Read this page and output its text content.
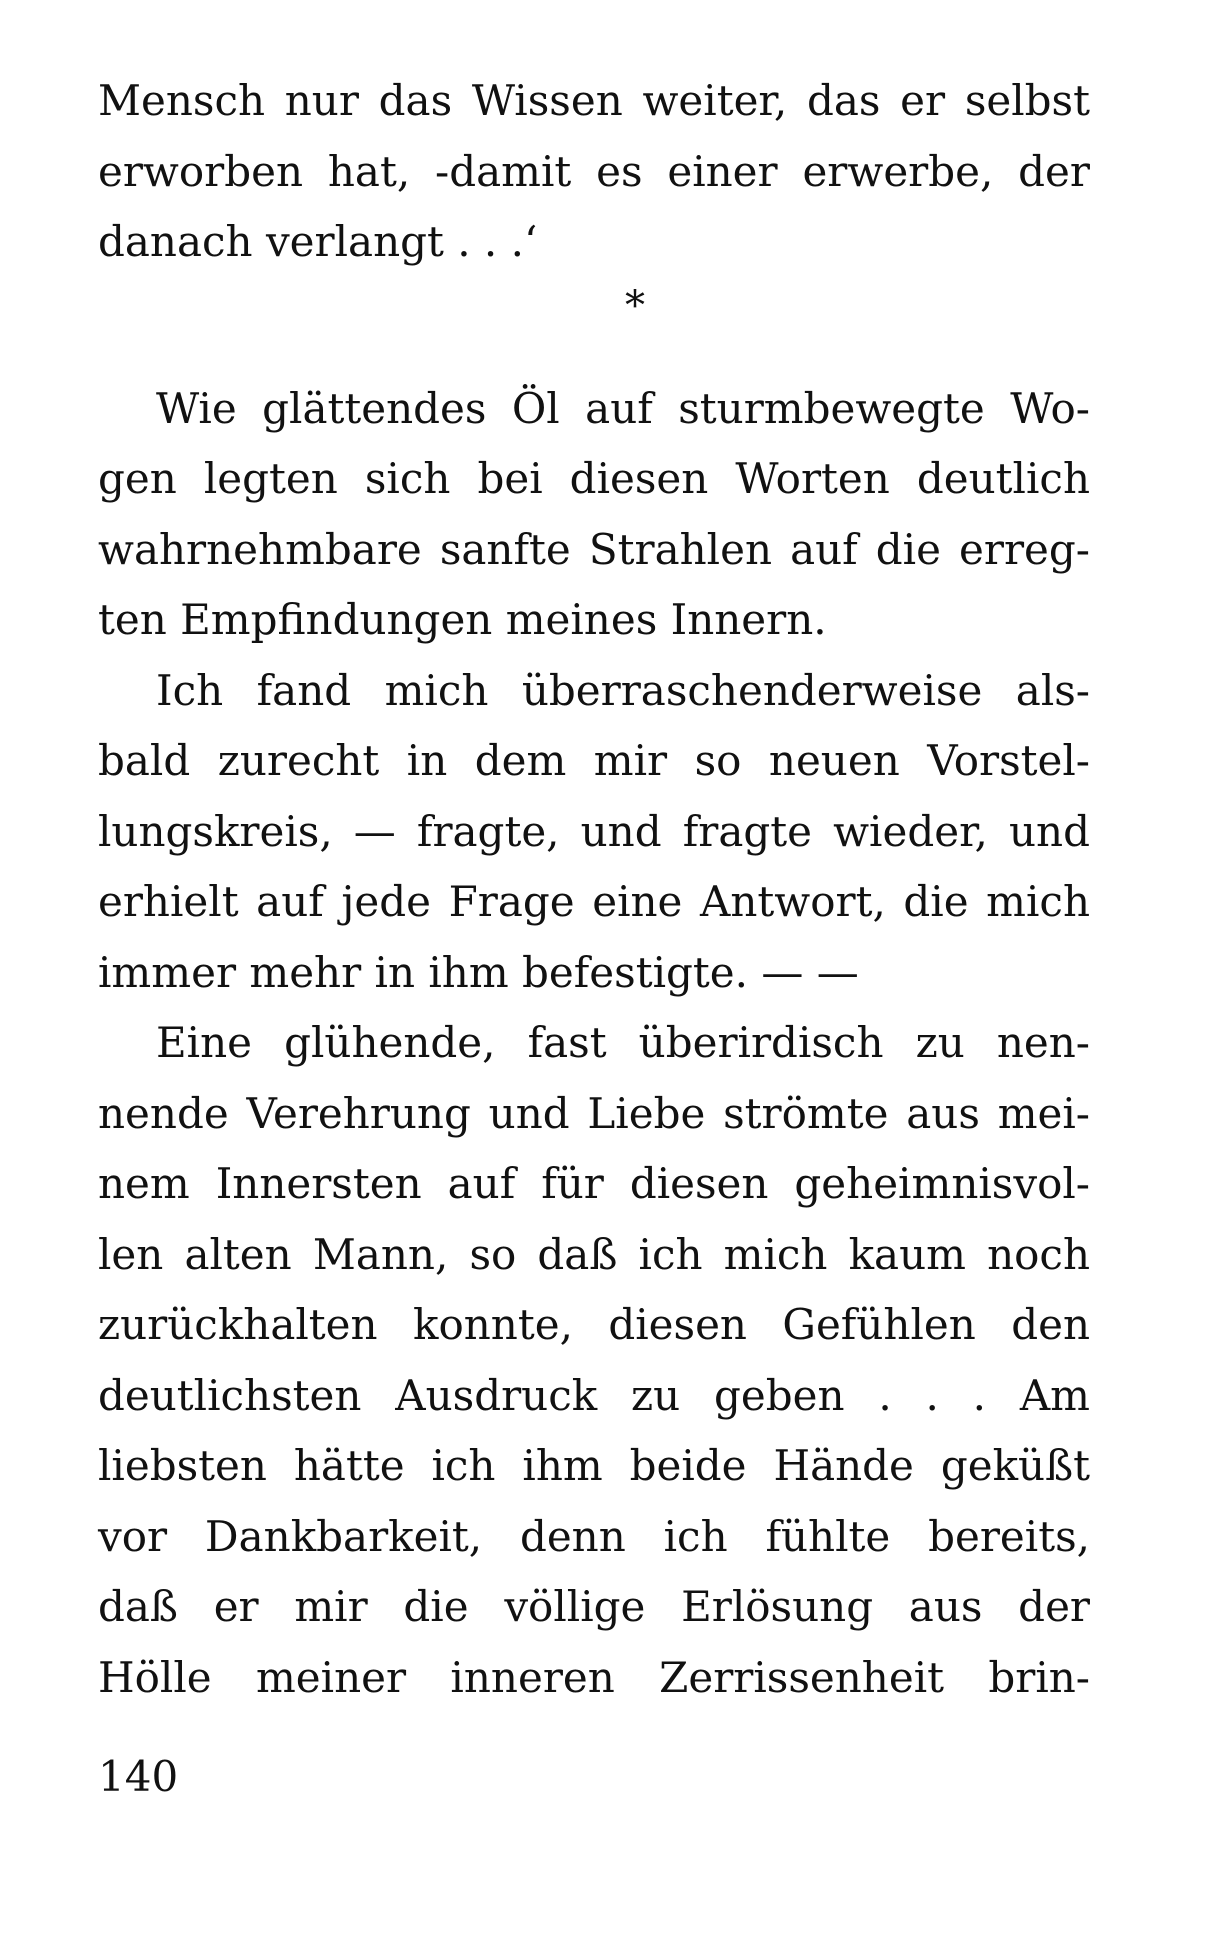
Mensch nur das Wissen weiter, das er selbst
erworben hat, -damit es einer erwerbe, der
danach verlangt . . .‘
*
Wie glättendes Öl auf sturmbewegte Wo-
gen legten sich bei diesen Worten deutlich
wahrnehmbare sanfte Strahlen auf die erreg-
ten Empfindungen meines Innern.
Ich fand mich überraschenderweise als-
bald zurecht in dem mir so neuen Vorstel-
lungskreis, — fragte, und fragte wieder, und
erhielt auf jede Frage eine Antwort, die mich
immer mehr in ihm befestigte. — —
Eine glühende, fast überirdisch zu nen-
nende Verehrung und Liebe strömte aus mei-
nem Innersten auf für diesen geheimnisvol-
len alten Mann, so daß ich mich kaum noch
zurückhalten konnte, diesen Gefühlen den
deutlichsten Ausdruck zu geben . . . Am
liebsten hätte ich ihm beide Hände geküßt
vor Dankbarkeit, denn ich fühlte bereits,
daß er mir die völlige Erlösung aus der
Hölle meiner inneren Zerrissenheit brin-
140
